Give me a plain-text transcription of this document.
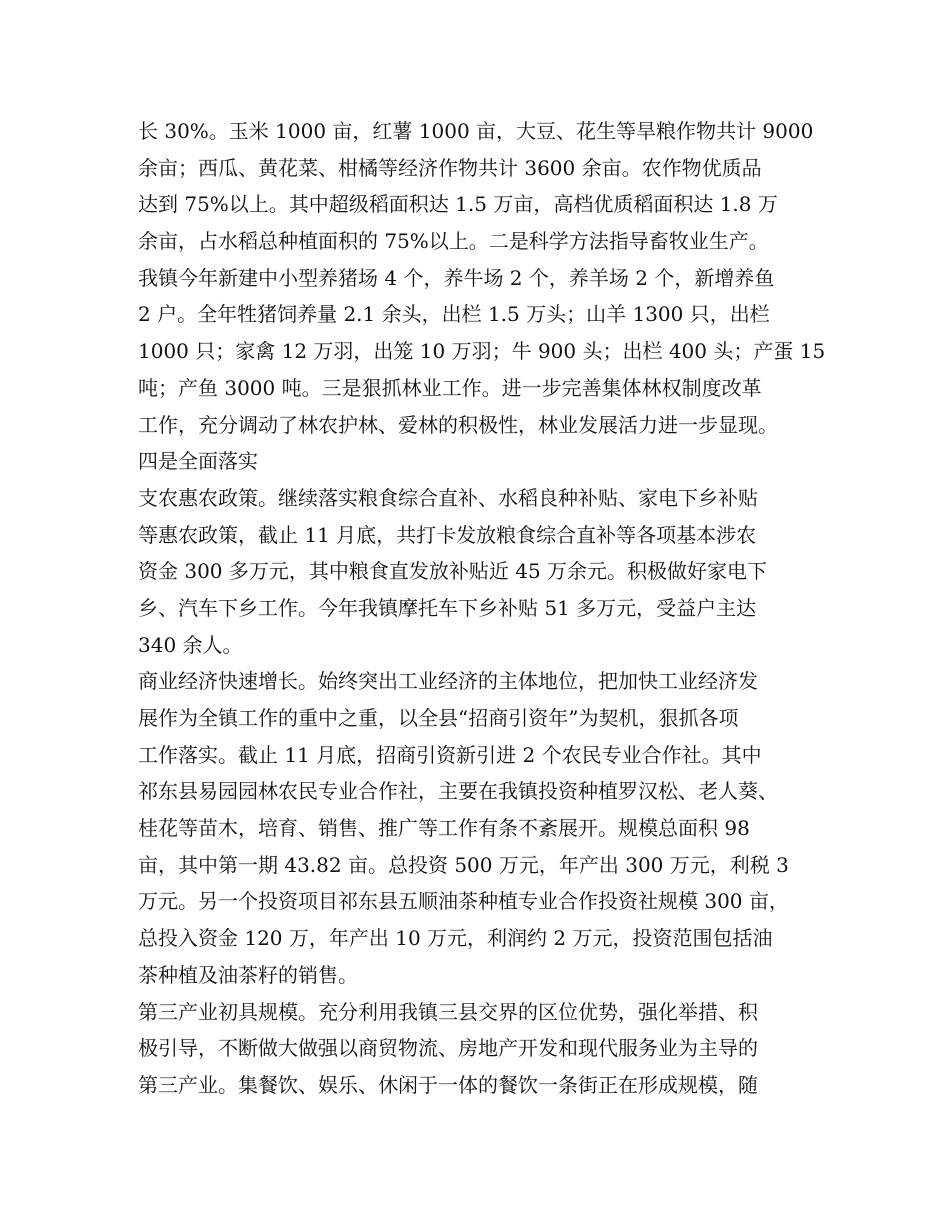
长 30%。玉米 1000 亩，红薯 1000 亩，大豆、花生等旱粮作物共计 9000
余亩；西瓜、黄花菜、柑橘等经济作物共计 3600 余亩。农作物优质品
达到 75%以上。其中超级稻面积达 1.5 万亩，高档优质稻面积达 1.8 万
余亩，占水稻总种植面积的 75%以上。二是科学方法指导畜牧业生产。
我镇今年新建中小型养猪场 4 个，养牛场 2 个，养羊场 2 个，新增养鱼
2 户。全年牲猪饲养量 2.1 余头，出栏 1.5 万头；山羊 1300 只，出栏
1000 只；家禽 12 万羽，出笼 10 万羽；牛 900 头；出栏 400 头；产蛋 15
吨；产鱼 3000 吨。三是狠抓林业工作。进一步完善集体林权制度改革
工作，充分调动了林农护林、爱林的积极性，林业发展活力进一步显现。
四是全面落实
支农惠农政策。继续落实粮食综合直补、水稻良种补贴、家电下乡补贴
等惠农政策，截止 11 月底，共打卡发放粮食综合直补等各项基本涉农
资金 300 多万元，其中粮食直发放补贴近 45 万余元。积极做好家电下
乡、汽车下乡工作。今年我镇摩托车下乡补贴 51 多万元，受益户主达
340 余人。
商业经济快速增长。始终突出工业经济的主体地位，把加快工业经济发
展作为全镇工作的重中之重，以全县“招商引资年”为契机，狠抓各项
工作落实。截止 11 月底，招商引资新引进 2 个农民专业合作社。其中
祁东县易园园林农民专业合作社，主要在我镇投资种植罗汉松、老人葵、
桂花等苗木，培育、销售、推广等工作有条不紊展开。规模总面积 98
亩，其中第一期 43.82 亩。总投资 500 万元，年产出 300 万元，利税 3
万元。另一个投资项目祁东县五顺油茶种植专业合作投资社规模 300 亩，
总投入资金 120 万，年产出 10 万元，利润约 2 万元，投资范围包括油
茶种植及油茶籽的销售。
第三产业初具规模。充分利用我镇三县交界的区位优势，强化举措、积
极引导，不断做大做强以商贸物流、房地产开发和现代服务业为主导的
第三产业。集餐饮、娱乐、休闲于一体的餐饮一条街正在形成规模，随
